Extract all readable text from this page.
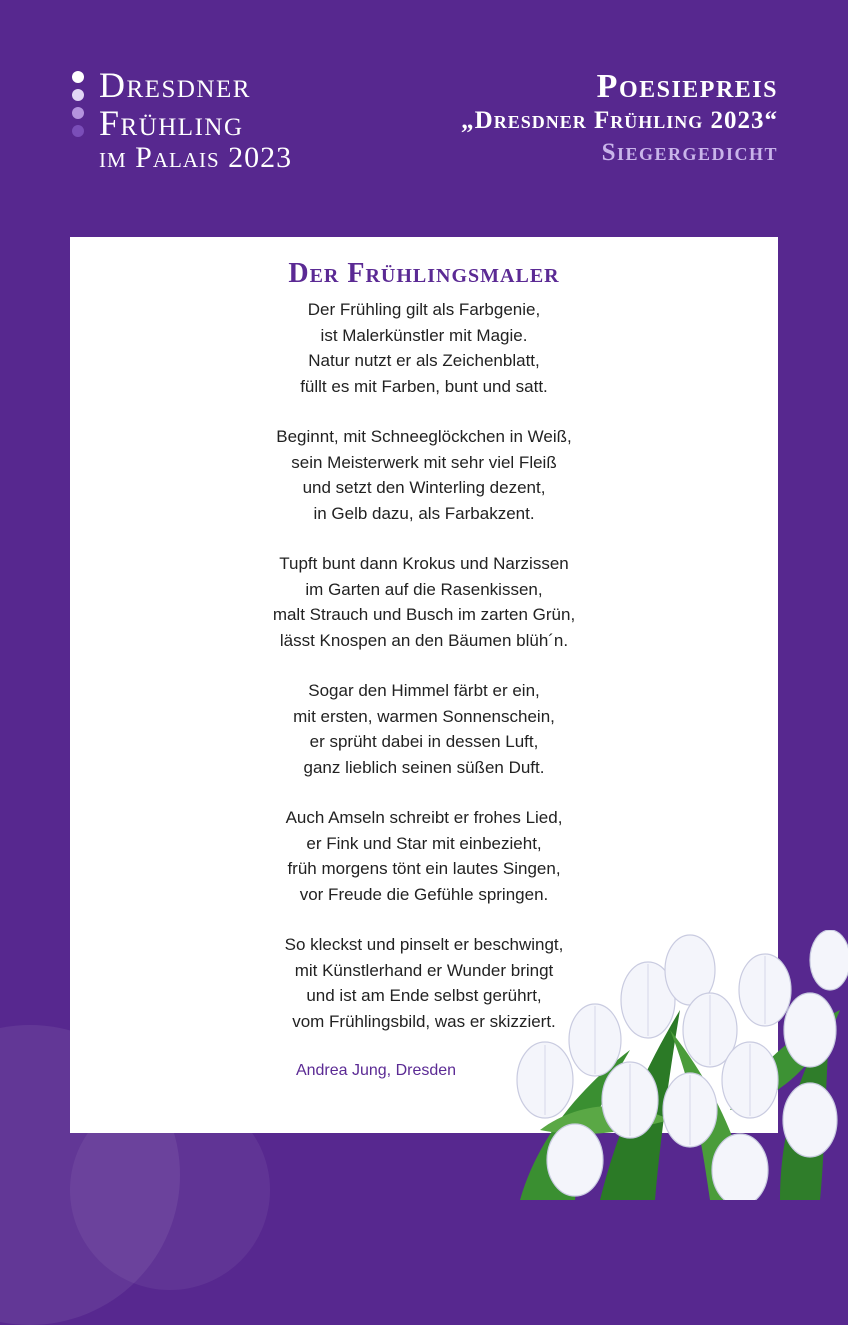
Dresdner
Frühling
im Palais 2023
Poesiepreis
„Dresdner Frühling 2023“
Siegergedicht
Der Frühlingsmaler
Der Frühling gilt als Farbgenie,
ist Malerkünstler mit Magie.
Natur nutzt er als Zeichenblatt,
füllt es mit Farben, bunt und satt.
Beginnt, mit Schneeglöckchen in Weiß,
sein Meisterwerk mit sehr viel Fleiß
und setzt den Winterling dezent,
in Gelb dazu, als Farbakzent.
Tupft bunt dann Krokus und Narzissen
im Garten auf die Rasenkissen,
malt Strauch und Busch im zarten Grün,
lässt Knospen an den Bäumen blüh´n.
Sogar den Himmel färbt er ein,
mit ersten, warmen Sonnenschein,
er sprüht dabei in dessen Luft,
ganz lieblich seinen süßen Duft.
Auch Amseln schreibt er frohes Lied,
er Fink und Star mit einbezieht,
früh morgens tönt ein lautes Singen,
vor Freude die Gefühle springen.
So kleckst und pinselt er beschwingt,
mit Künstlerhand er Wunder bringt
und ist am Ende selbst gerührt,
vom Frühlingsbild, was er skizziert.
Andrea Jung, Dresden
